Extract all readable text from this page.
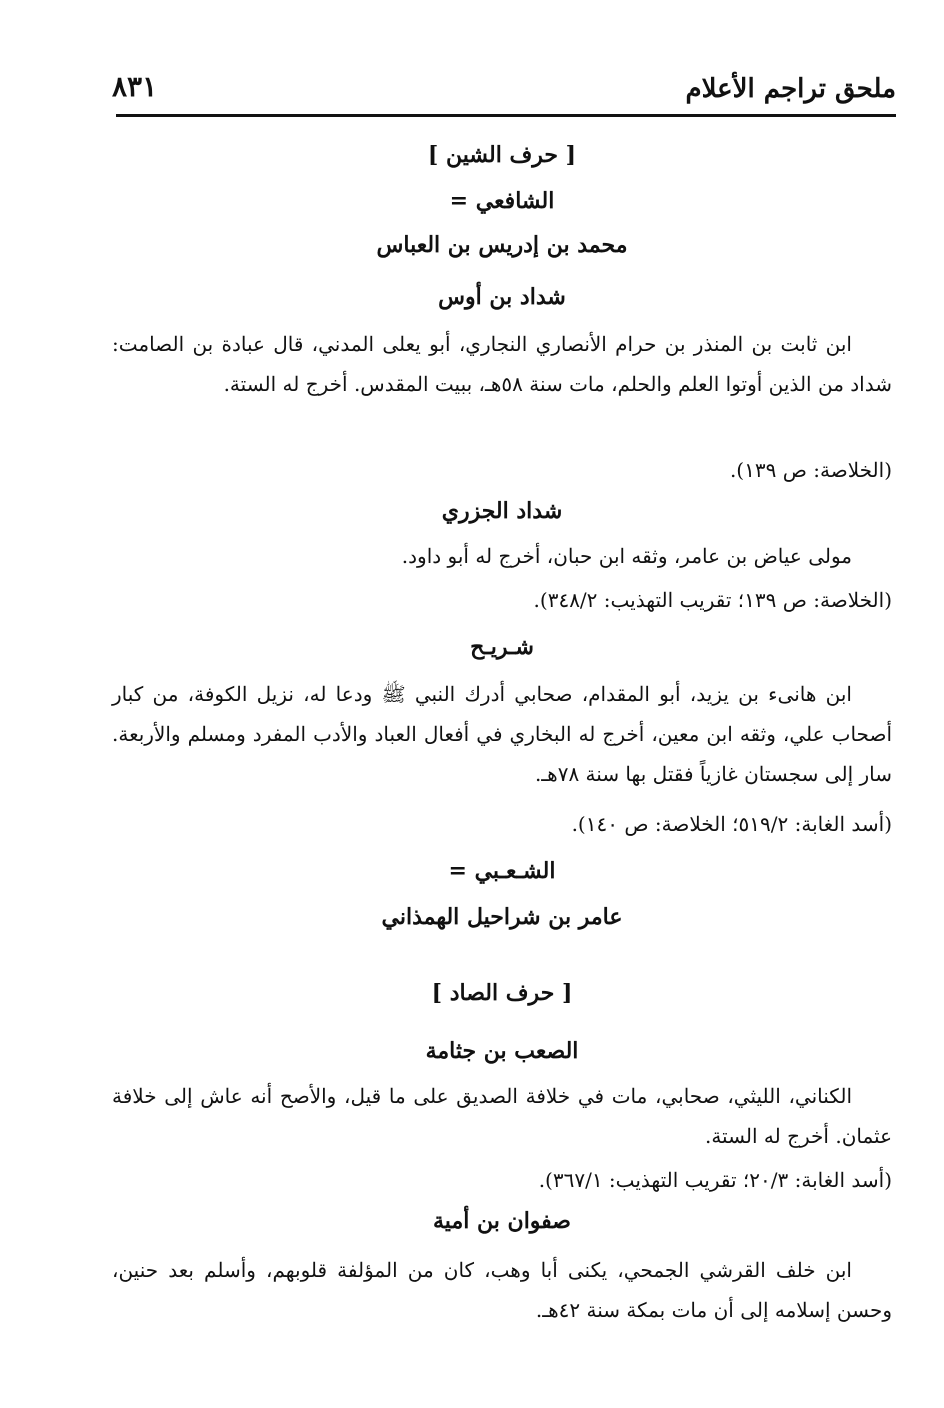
ملحق تراجم الأعلام
٨٣١
[ حرف الشين ]
الشافعي =
محمد بن إدريس بن العباس
شداد بن أوس
ابن ثابت بن المنذر بن حرام الأنصاري النجاري، أبو يعلى المدني، قال عبادة بن الصامت: شداد من الذين أوتوا العلم والحلم، مات سنة ٥٨هـ، ببيت المقدس. أخرج له الستة.
(الخلاصة: ص ١٣٩).
شداد الجزري
مولى عياض بن عامر، وثقه ابن حبان، أخرج له أبو داود.
(الخلاصة: ص ١٣٩؛ تقريب التهذيب: ٣٤٨/٢).
شـريـح
ابن هانىء بن يزيد، أبو المقدام، صحابي أدرك النبي ﷺ ودعا له، نزيل الكوفة، من كبار أصحاب علي، وثقه ابن معين، أخرج له البخاري في أفعال العباد والأدب المفرد ومسلم والأربعة. سار إلى سجستان غازياً فقتل بها سنة ٧٨هـ.
(أسد الغابة: ٥١٩/٢؛ الخلاصة: ص ١٤٠).
الشـعـبي =
عامر بن شراحيل الهمذاني
[ حرف الصاد ]
الصعب بن جثامة
الكناني، الليثي، صحابي، مات في خلافة الصديق على ما قيل، والأصح أنه عاش إلى خلافة عثمان. أخرج له الستة.
(أسد الغابة: ٢٠/٣؛ تقريب التهذيب: ٣٦٧/١).
صفوان بن أمية
ابن خلف القرشي الجمحي، يكنى أبا وهب، كان من المؤلفة قلوبهم، وأسلم بعد حنين، وحسن إسلامه إلى أن مات بمكة سنة ٤٢هـ.
